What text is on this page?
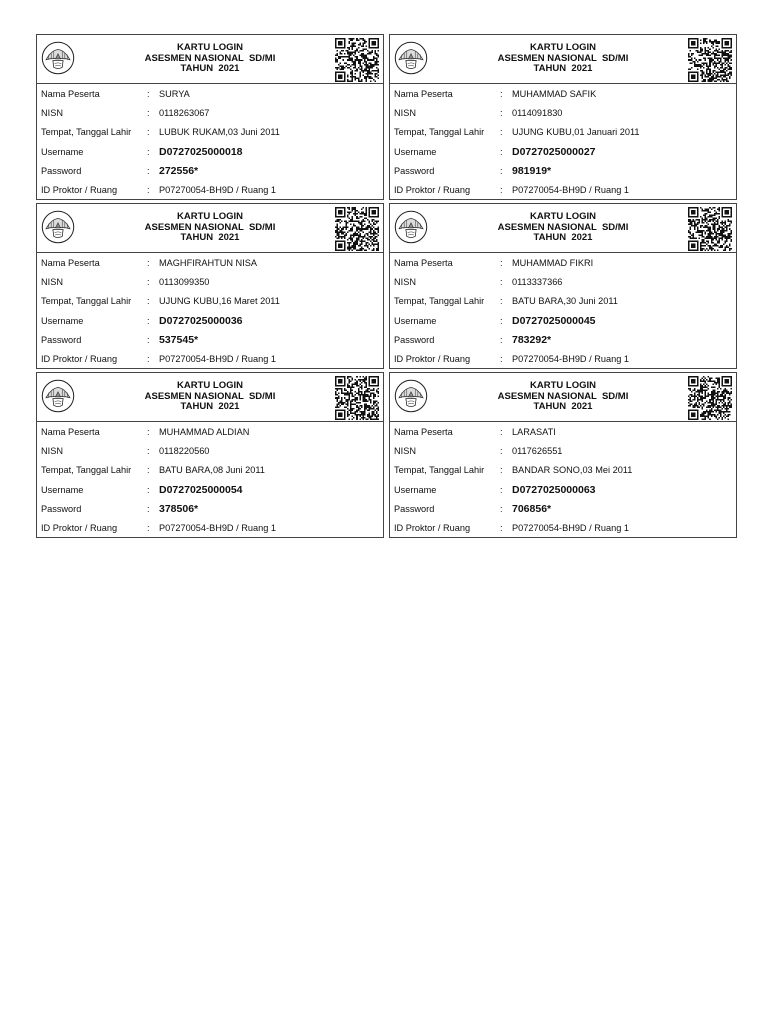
KARTU LOGIN
ASESMEN NASIONAL  SD/MI
TAHUN  2021
Nama Peserta	: SURYA
NISN	: 0118263067
Tempat, Tanggal Lahir : LUBUK RUKAM,03 Juni 2011
Username	: D0727025000018
Password	: 272556*
ID Proktor / Ruang	: P07270054-BH9D / Ruang 1
KARTU LOGIN
ASESMEN NASIONAL  SD/MI
TAHUN  2021
Nama Peserta	: MUHAMMAD SAFIK
NISN	: 0114091830
Tempat, Tanggal Lahir : UJUNG KUBU,01 Januari 2011
Username	: D0727025000027
Password	: 981919*
ID Proktor / Ruang	: P07270054-BH9D / Ruang 1
KARTU LOGIN
ASESMEN NASIONAL  SD/MI
TAHUN  2021
Nama Peserta	: MAGHFIRAHTUN NISA
NISN	: 0113099350
Tempat, Tanggal Lahir : UJUNG KUBU,16 Maret 2011
Username	: D0727025000036
Password	: 537545*
ID Proktor / Ruang	: P07270054-BH9D / Ruang 1
KARTU LOGIN
ASESMEN NASIONAL  SD/MI
TAHUN  2021
Nama Peserta	: MUHAMMAD FIKRI
NISN	: 0113337366
Tempat, Tanggal Lahir : BATU BARA,30 Juni 2011
Username	: D0727025000045
Password	: 783292*
ID Proktor / Ruang	: P07270054-BH9D / Ruang 1
KARTU LOGIN
ASESMEN NASIONAL  SD/MI
TAHUN  2021
Nama Peserta	: MUHAMMAD ALDIAN
NISN	: 0118220560
Tempat, Tanggal Lahir : BATU BARA,08 Juni 2011
Username	: D0727025000054
Password	: 378506*
ID Proktor / Ruang	: P07270054-BH9D / Ruang 1
KARTU LOGIN
ASESMEN NASIONAL  SD/MI
TAHUN  2021
Nama Peserta	: LARASATI
NISN	: 0117626551
Tempat, Tanggal Lahir : BANDAR SONO,03 Mei 2011
Username	: D0727025000063
Password	: 706856*
ID Proktor / Ruang	: P07270054-BH9D / Ruang 1
